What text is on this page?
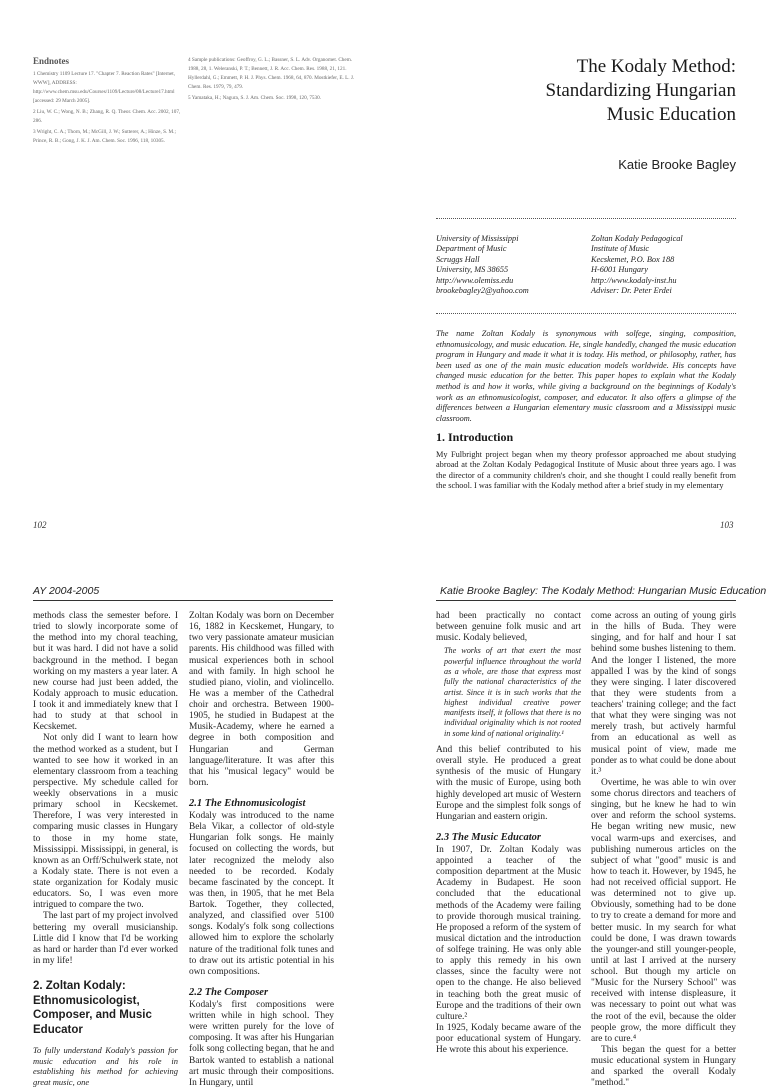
Endnotes

1 Chemistry 1109 Lecture 17. "Chapter 7. Reaction Rates" [Internet, WWW], ADDRESS: http://www.chem.msu.edu/Courses/1109/Lecture/08/Lecture17.html [accessed: 29 March 2005].

2 Liu, W. C.; Wong, N. B.; Zhang, R. Q. Theor. Chem. Acc. 2002, 107, 286.

3 Wright, C. A.; Thorn, M.; McGill, J. W.; Sutterer, A.; Hinze, S. M.; Prince, R. B.; Gong, J. K. J. Am. Chem. Soc. 1996, 118, 10305.

4 Sample publications: Geoffroy, G. L.; Bassner, S. L. Adv. Organomet. Chem. 1988, 28, 1. Weleranski, P. T.; Bennett, J. R. Acc. Chem. Res. 1988, 21, 121. Hyllerdahl, G.; Emmett, P. H. J. Phys. Chem. 1968, 64, 870. Mostkiefer, E. L. J. Chem. Res. 1979, 79, 479.

5 Yamataka, H.; Nagura, S. J. Am. Chem. Soc. 1998, 120, 7530.

The Kodaly Method:
Standardizing Hungarian
Music Education
Katie Brooke Bagley
University of Mississippi
Department of Music
Scruggs Hall
University, MS 38655
http://www.olemiss.edu
brookebagley2@yahoo.com
Zoltan Kodaly Pedagogical
Institute of Music
Kecskemet, P.O. Box 188
H-6001 Hungary
http://www.kodaly-inst.hu
Adviser: Dr. Peter Erdei

The name Zoltan Kodaly is synonymous with solfege, singing, composition, ethnomusicology, and music education. He, single handedly, changed the music education program in Hungary and made it what it is today. His method, or philosophy, rather, has been used as one of the main music education models worldwide. His concepts have changed music education for the better. This paper hopes to explain what the Kodaly method is and how it works, while giving a background on the beginnings of Kodaly's work as an ethnomusicologist, composer, and educator. It also offers a glimpse of the differences between a Hungarian elementary music classroom and a Mississippi music classroom.

1. Introduction

My Fulbright project began when my theory professor approached me about studying abroad at the Zoltan Kodaly Pedagogical Institute of Music about three years ago. I was the director of a community children's choir, and she thought I could really benefit from the school. I was familiar with the Kodaly method after a brief study in my elementary

102	103
AY 2004-2005	Katie Brooke Bagley: The Kodaly Method: Hungarian Music Education

methods class the semester before. I tried to slowly incorporate some of the method into my choral teaching, but it was hard. I did not have a solid background in the method. I began working on my masters a year later. A new course had just been added, the Kodaly approach to music education. I took it and immediately knew that I had to study at that school in Kecskemet.

Not only did I want to learn how the method worked as a student, but I wanted to see how it worked in an elementary classroom from a teaching perspective. My schedule called for weekly observations in a music primary school in Kecskemet. Therefore, I was very interested in comparing music classes in Hungary to those in my home state, Mississippi. Mississippi, in general, is known as an Orff/Schulwerk state, not a Kodaly state. There is not even a state organization for Kodaly music educators. So, I was even more intrigued to compare the two.

The last part of my project involved bettering my overall musicianship. Little did I know that I'd be working as hard or harder than I'd ever worked in my life!

2. Zoltan Kodaly: Ethnomusicologist, Composer, and Music Educator

To fully understand Kodaly's passion for music education and his role in establishing his method for achieving great music, one

Zoltan Kodaly was born on December 16, 1882 in Kecskemet, Hungary, to two very passionate amateur musician parents. His childhood was filled with musical experiences both in school and with family. In high school he studied piano, violin, and violincello. He was a member of the Cathedral choir and orchestra. Between 1900-1905, he studied in Budapest at the Musik-Academy, where he earned a degree in both composition and Hungarian and German language/literature. It was after this that his "musical legacy" would be born.

2.1 The Ethnomusicologist

Kodaly was introduced to the name Bela Vikar, a collector of old-style Hungarian folk songs. He mainly focused on collecting the words, but later recognized the melody also needed to be recorded. Kodaly became fascinated by the concept. It was then, in 1905, that he met Bela Bartok. Together, they collected, analyzed, and classified over 5100 songs. Kodaly's folk song collections allowed him to explore the scholarly nature of the traditional folk tunes and to draw out its artistic potential in his own compositions.

2.2 The Composer

Kodaly's first compositions were written while in high school. They were written purely for the love of composing. It was after his Hungarian folk song collecting began, that he and Bartok wanted to establish a national art music through their compositions. In Hungary, until

had been practically no contact between genuine folk music and art music. Kodaly believed,

The works of art that exert the most powerful influence throughout the world as a whole, are those that express most fully the national characteristics of the artist. Since it is in such works that the highest individual creative power manifests itself, it follows that there is no individual originality which is not rooted in some kind of national originality.¹

And this belief contributed to his overall style. He produced a great synthesis of the music of Hungary with the music of Europe, using both highly developed art music of Western Europe and the simplest folk songs of Hungarian and eastern origin.

2.3 The Music Educator

In 1907, Dr. Zoltan Kodaly was appointed a teacher of the composition department at the Music Academy in Budapest. He soon concluded that the educational methods of the Academy were failing to provide thorough musical training. He proposed a reform of the system of musical dictation and the introduction of solfege training. He was only able to apply this remedy in his own classes, since the faculty were not open to the change. He also believed in teaching both the great music of Europe and the traditions of their own culture.²

In 1925, Kodaly became aware of the poor educational system of Hungary. He wrote this about his experience.

come across an outing of young girls in the hills of Buda. They were singing, and for half and hour I sat behind some bushes listening to them. And the longer I listened, the more appalled I was by the kind of songs they were singing. I later discovered that they were students from a teachers' training college; and the fact that what they were singing was not merely trash, but actively harmful from an educational as well as musical point of view, made me ponder as to what could be done about it.³

Overtime, he was able to win over some chorus directors and teachers of singing, but he knew he had to win over and reform the school systems. He began writing new music, new vocal warm-ups and exercises, and publishing numerous articles on the subject of what "good" music is and how to teach it. However, by 1945, he had not received official support. He was determined not to give up. Obviously, something had to be done to try to create a demand for more and better music. In my search for what could be done, I was drawn towards the younger-and still younger-people, until at last I arrived at the nursery school. But though my article on "Music for the Nursery School" was received with intense displeasure, it was necessary to point out what was the root of the evil, because the older people grow, the more difficult they are to cure.⁴

This began the quest for a better music educational system in Hungary and sparked the overall Kodaly "method."
